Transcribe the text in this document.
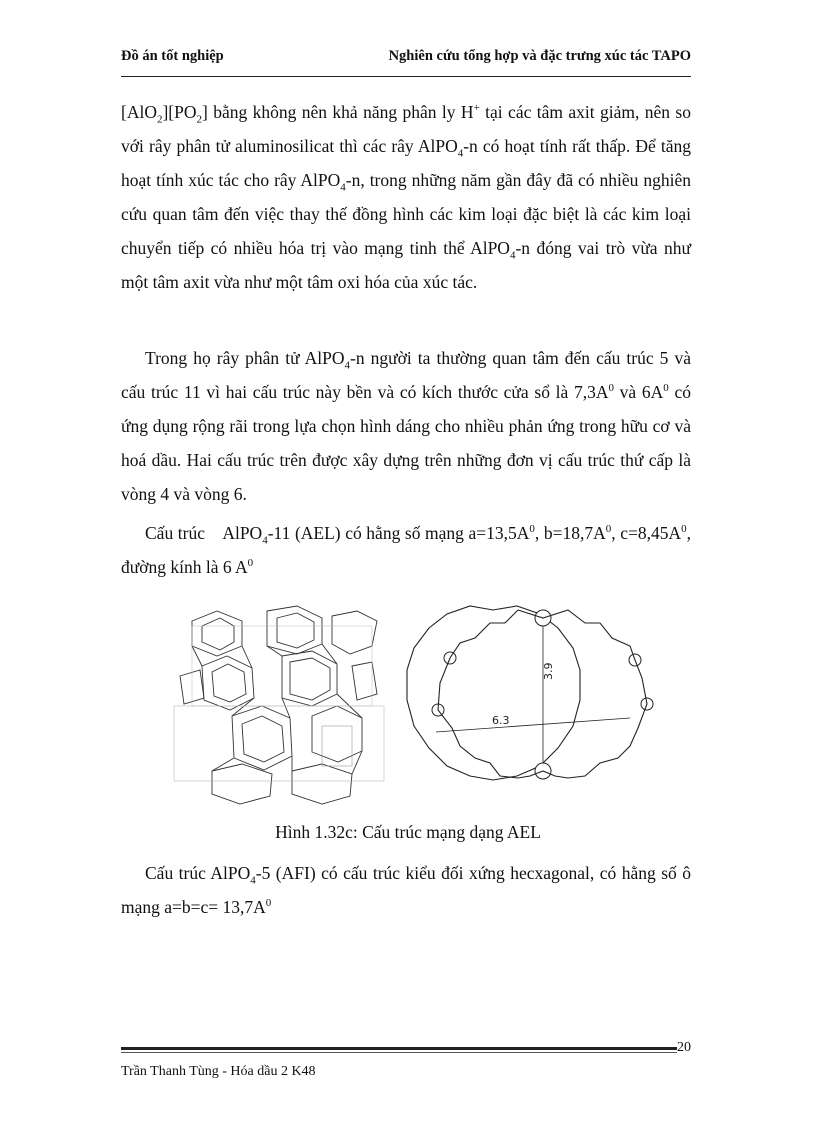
Đồ án tốt nghiệp	Nghiên cứu tổng hợp và đặc trưng xúc tác TAPO

$[AlO_2][PO_2]$ bằng không nên khả năng phân ly H+ tại các tâm axit giảm, nên so với rây phân tử aluminosilicat thì các rây AlPO$_4$-n có hoạt tính rất thấp. Để tăng hoạt tính xúc tác cho rây AlPO$_4$-n, trong những năm gần đây đã có nhiều nghiên cứu quan tâm đến việc thay thế đồng hình các kim loại đặc biệt là các kim loại chuyển tiếp có nhiều hóa trị vào mạng tinh thể AlPO$_4$-n đóng vai trò vừa như một tâm axit vừa như một tâm oxi hóa của xúc tác.

Trong họ rây phân tử AlPO$_4$-n người ta thường quan tâm đến cấu trúc 5 và cấu trúc 11 vì hai cấu trúc này bền và có kích thước cửa sổ là $7,3A^0$ và $6A^0$ có ứng dụng rộng rãi trong lựa chọn hình dáng cho nhiều phản ứng trong hữu cơ và hoá dầu. Hai cấu trúc trên được xây dựng trên những đơn vị cấu trúc thứ cấp là vòng 4 và vòng 6.

Cấu trúc    AlPO$_4$-11 (AEL) có hằng số mạng $a=13,5A^0$, $b=18,7A^0$, $c=8,45A^0$, đường kính là 6 $A^0$

3.9
6.3
Hình 1.32c: Cấu trúc mạng dạng AEL

Cấu trúc AlPO$_4$-5 (AFI) có cấu trúc kiểu đối xứng hecxagonal, có hằng số ô mạng $a=b=c= 13,7A^0$

20
Trần Thanh Tùng - Hóa dầu 2 K48
